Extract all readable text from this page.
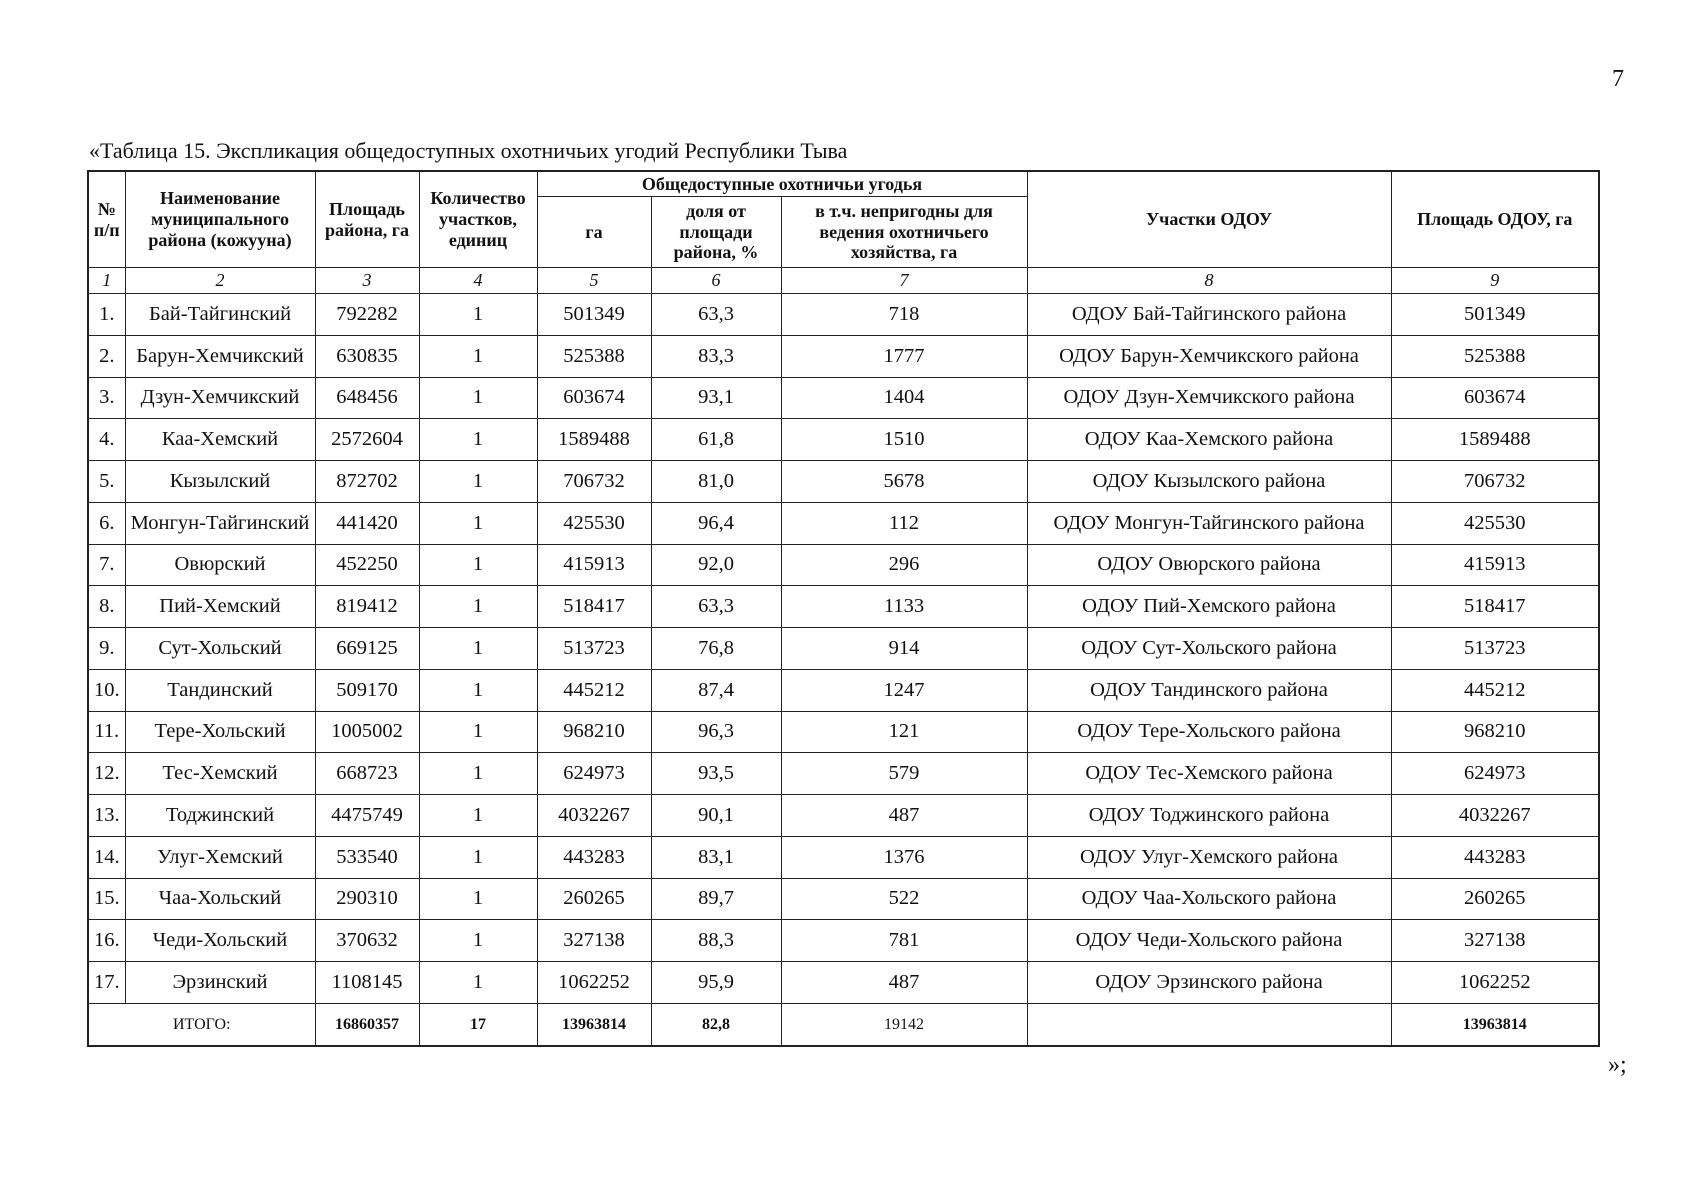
7
«Таблица 15. Экспликация общедоступных охотничьих угодий Республики Тыва
№ п/п	Наименование муниципального района (кожууна)	Площадь района, га	Количество участков, единиц	Общедоступные охотничьи угодья			Участки ОДОУ	Площадь ОДОУ, га
				га	доля от площади района, %	в т.ч. непригодны для ведения охотничьего хозяйства, га		
1	2	3	4	5	6	7	8	9
1.	Бай-Тайгинский	792282	1	501349	63,3	718	ОДОУ Бай-Тайгинского района	501349
2.	Барун-Хемчикский	630835	1	525388	83,3	1777	ОДОУ Барун-Хемчикского района	525388
3.	Дзун-Хемчикский	648456	1	603674	93,1	1404	ОДОУ Дзун-Хемчикского района	603674
4.	Каа-Хемский	2572604	1	1589488	61,8	1510	ОДОУ Каа-Хемского района	1589488
5.	Кызылский	872702	1	706732	81,0	5678	ОДОУ Кызылского района	706732
6.	Монгун-Тайгинский	441420	1	425530	96,4	112	ОДОУ Монгун-Тайгинского района	425530
7.	Овюрский	452250	1	415913	92,0	296	ОДОУ Овюрского района	415913
8.	Пий-Хемский	819412	1	518417	63,3	1133	ОДОУ Пий-Хемского района	518417
9.	Сут-Хольский	669125	1	513723	76,8	914	ОДОУ Сут-Хольского района	513723
10.	Тандинский	509170	1	445212	87,4	1247	ОДОУ Тандинского района	445212
11.	Тере-Хольский	1005002	1	968210	96,3	121	ОДОУ Тере-Хольского района	968210
12.	Тес-Хемский	668723	1	624973	93,5	579	ОДОУ Тес-Хемского района	624973
13.	Тоджинский	4475749	1	4032267	90,1	487	ОДОУ Тоджинского района	4032267
14.	Улуг-Хемский	533540	1	443283	83,1	1376	ОДОУ Улуг-Хемского района	443283
15.	Чаа-Хольский	290310	1	260265	89,7	522	ОДОУ Чаа-Хольского района	260265
16.	Чеди-Хольский	370632	1	327138	88,3	781	ОДОУ Чеди-Хольского района	327138
17.	Эрзинский	1108145	1	1062252	95,9	487	ОДОУ Эрзинского района	1062252
ИТОГО:		16860357	17	13963814	82,8	19142		13963814
»;
